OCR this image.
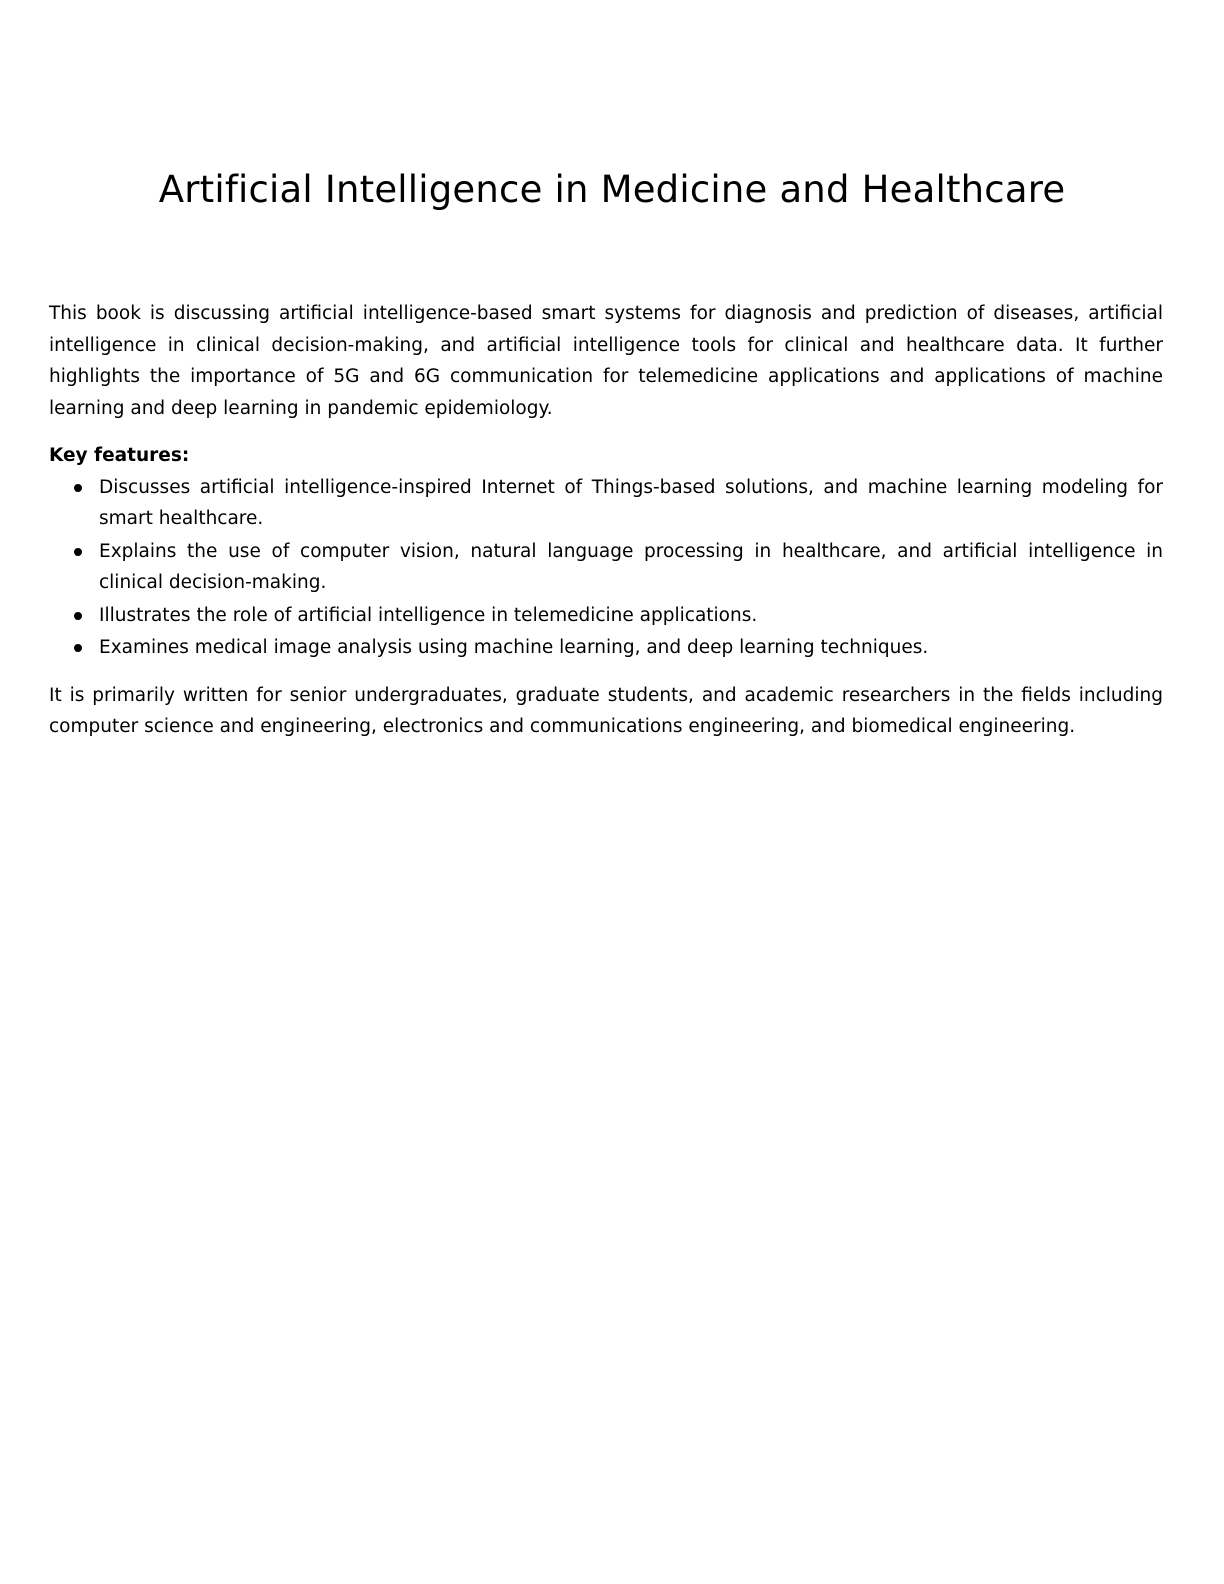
Artificial Intelligence in Medicine and Healthcare

This book is discussing artificial intelligence-based smart systems for diagnosis and prediction of diseases, artificial intelligence in clinical decision-making, and artificial intelligence tools for clinical and healthcare data. It further highlights the importance of 5G and 6G communication for telemedicine applications and applications of machine learning and deep learning in pandemic epidemiology.

Key features:

Discusses artificial intelligence-inspired Internet of Things-based solutions, and machine learning modeling for smart healthcare.
Explains the use of computer vision, natural language processing in healthcare, and artificial intelligence in clinical decision-making.
Illustrates the role of artificial intelligence in telemedicine applications.
Examines medical image analysis using machine learning, and deep learning techniques.

It is primarily written for senior undergraduates, graduate students, and academic researchers in the fields including computer science and engineering, electronics and communications engineering, and biomedical engineering.
